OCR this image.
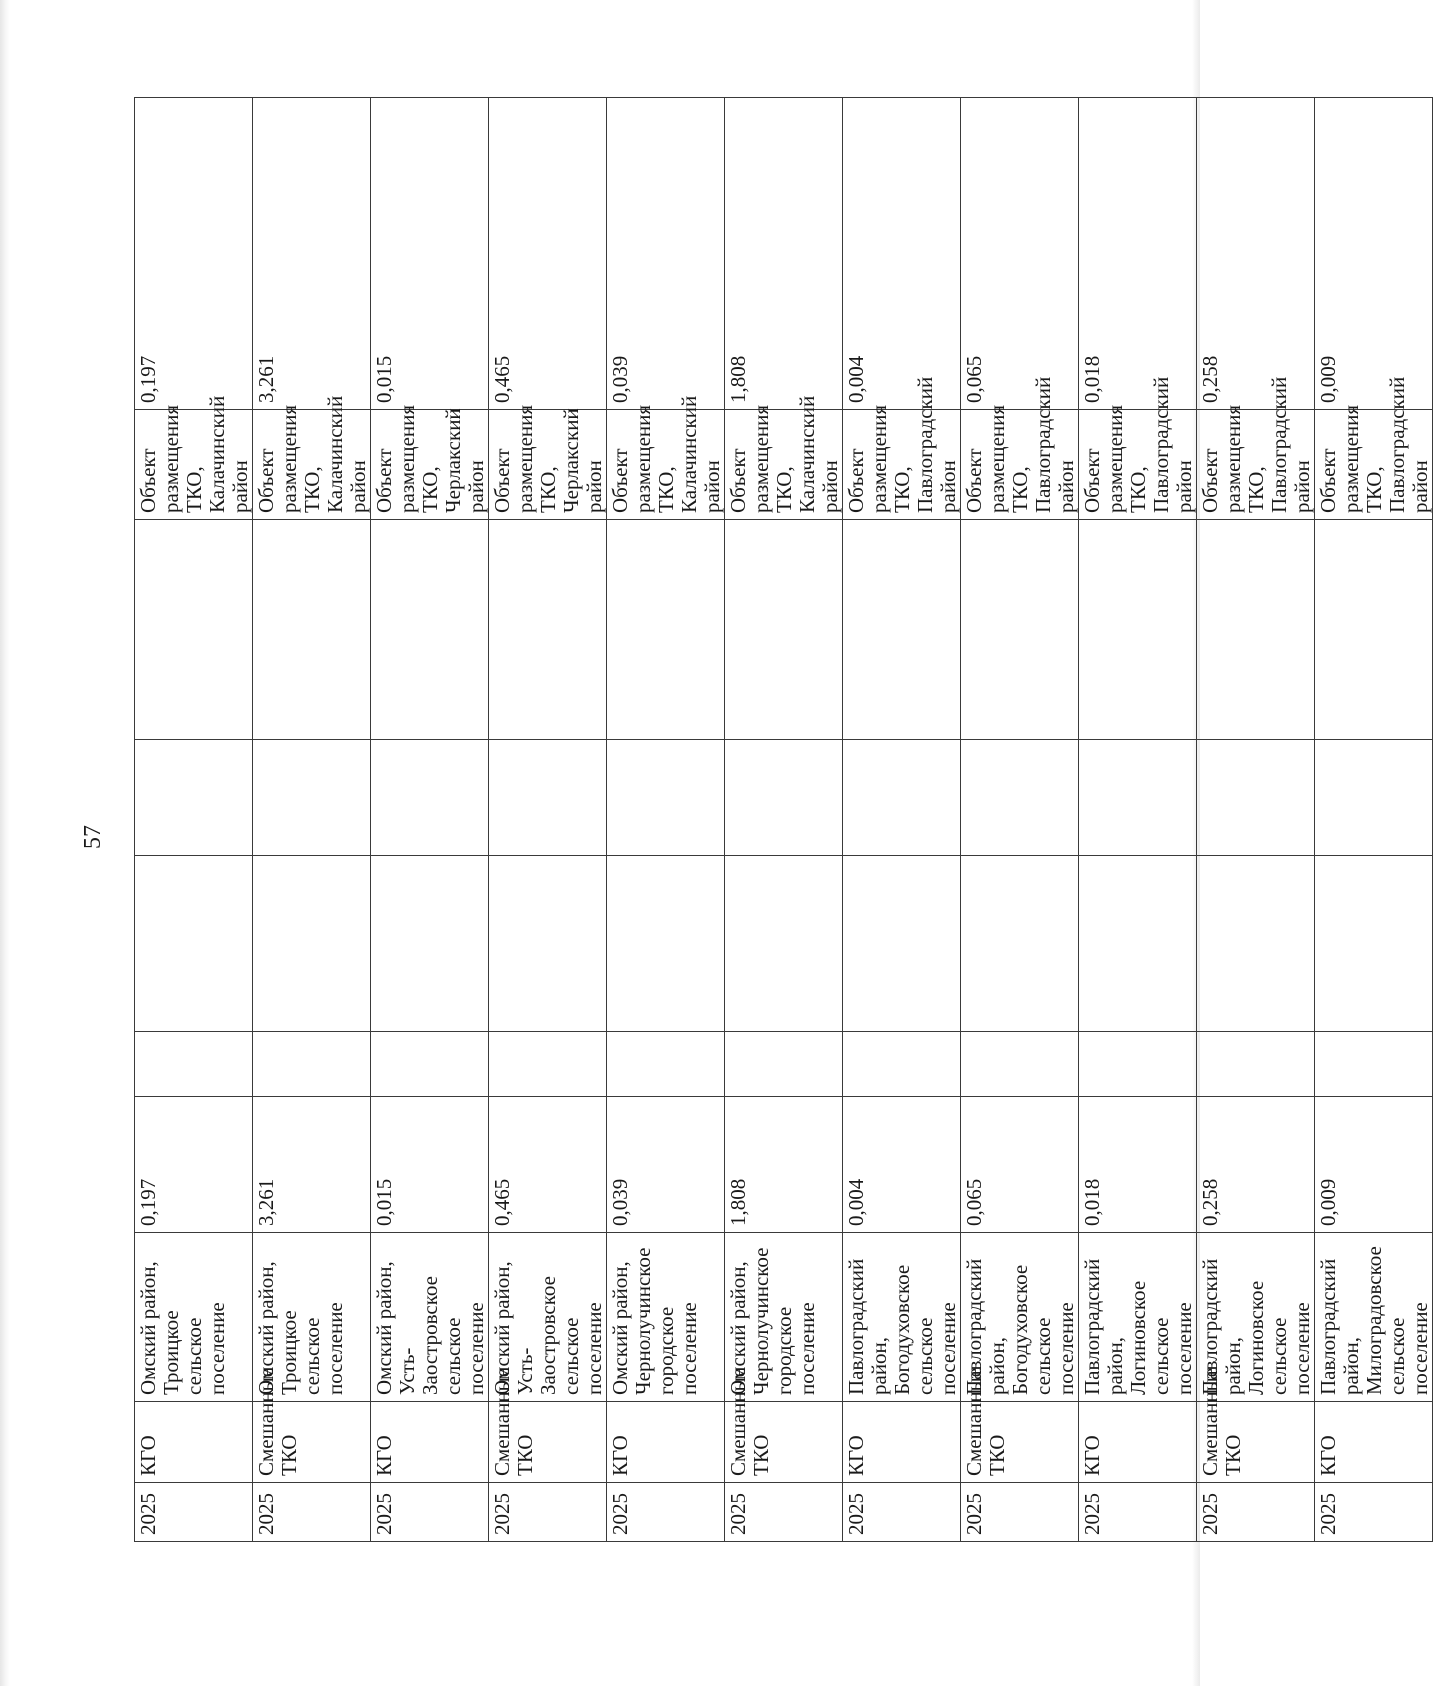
57
2025	КГО	Омский район, Троицкое сельское поселение	0,197					Объект размещения ТКО, Калачинский район	0,197
2025	Смешанные ТКО	Омский район, Троицкое сельское поселение	3,261					Объект размещения ТКО, Калачинский район	3,261
2025	КГО	Омский район, Усть-Заостровское сельское поселение	0,015					Объект размещения ТКО, Черлакский район	0,015
2025	Смешанные ТКО	Омский район, Усть-Заостровское сельское поселение	0,465					Объект размещения ТКО, Черлакский район	0,465
2025	КГО	Омский район, Чернолучинское городское поселение	0,039					Объект размещения ТКО, Калачинский район	0,039
2025	Смешанные ТКО	Омский район, Чернолучинское городское поселение	1,808					Объект размещения ТКО, Калачинский район	1,808
2025	КГО	Павлоградский район, Богодуховское сельское поселение	0,004					Объект размещения ТКО, Павлоградский район	0,004
2025	Смешанные ТКО	Павлоградский район, Богодуховское сельское поселение	0,065					Объект размещения ТКО, Павлоградский район	0,065
2025	КГО	Павлоградский район, Логиновское сельское поселение	0,018					Объект размещения ТКО, Павлоградский район	0,018
2025	Смешанные ТКО	Павлоградский район, Логиновское сельское поселение	0,258					Объект размещения ТКО, Павлоградский район	0,258
2025	КГО	Павлоградский район, Милоградовское сельское поселение	0,009					Объект размещения ТКО, Павлоградский район	0,009
